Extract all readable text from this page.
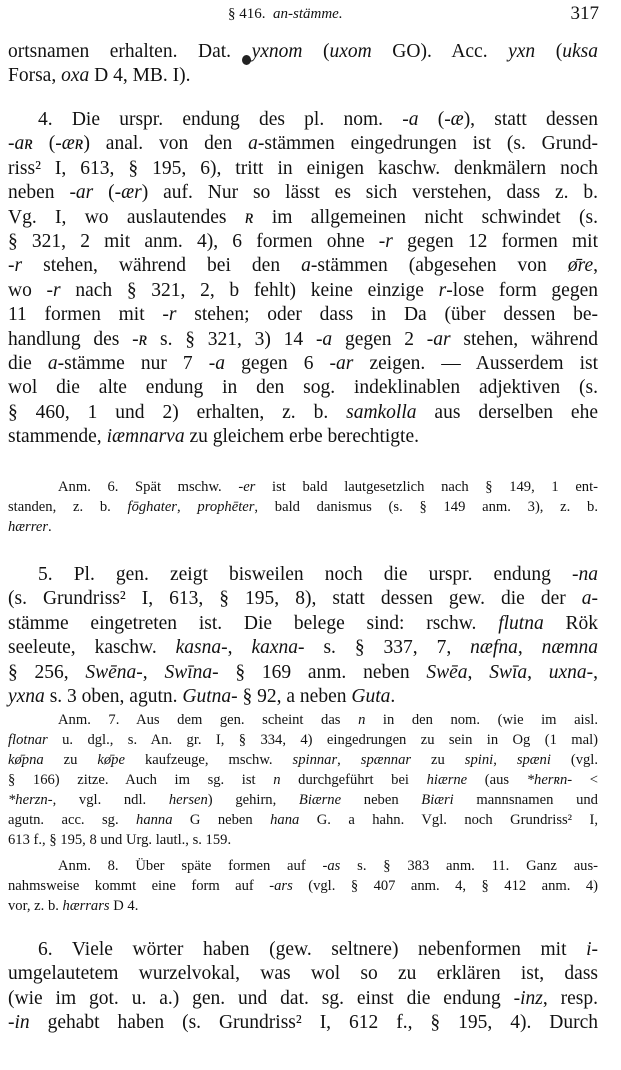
§ 416. an-stämme.	317
ortsnamen erhalten. Dat. yxnom (uxom GO). Acc. yxn (uksa
Forsa, oxa D 4, MB. I).
4. Die urspr. endung des pl. nom. -a (-æ), statt dessen
-aʀ (-æʀ) anal. von den a-stämmen eingedrungen ist (s. Grund-
riss² I, 613, § 195, 6), tritt in einigen kaschw. denkmälern noch
neben -ar (-ær) auf. Nur so lässt es sich verstehen, dass z. b.
Vg. I, wo auslautendes ʀ im allgemeinen nicht schwindet (s.
§ 321, 2 mit anm. 4), 6 formen ohne -r gegen 12 formen mit
-r stehen, während bei den a-stämmen (abgesehen von ø̄re,
wo -r nach § 321, 2, b fehlt) keine einzige r-lose form gegen
11 formen mit -r stehen; oder dass in Da (über dessen be-
handlung des -ʀ s. § 321, 3) 14 -a gegen 2 -ar stehen, während
die a-stämme nur 7 -a gegen 6 -ar zeigen. — Ausserdem ist
wol die alte endung in den sog. indeklinablen adjektiven (s.
§ 460, 1 und 2) erhalten, z. b. samkolla aus derselben ehe
stammende, iæmnarva zu gleichem erbe berechtigte.
Anm. 6. Spät mschw. -er ist bald lautgesetzlich nach § 149, 1 ent-
standen, z. b. fōghater, prophēter, bald danismus (s. § 149 anm. 3), z. b.
hærrer.
5. Pl. gen. zeigt bisweilen noch die urspr. endung -na
(s. Grundriss² I, 613, § 195, 8), statt dessen gew. die der a-
stämme eingetreten ist. Die belege sind: rschw. flutna Rök
seeleute, kaschw. kasna-, kaxna- s. § 337, 7, næfna, næmna
§ 256, Swēna-, Swīna- § 169 anm. neben Swēa, Swīa, uxna-,
yxna s. 3 oben, agutn. Gutna- § 92, a neben Guta.
Anm. 7. Aus dem gen. scheint das n in den nom. (wie im aisl.
flotnar u. dgl., s. An. gr. I, § 334, 4) eingedrungen zu sein in Og (1 mal)
kø̄pna zu kø̄pe kaufzeuge, mschw. spinnar, spænnar zu spini, spæni (vgl.
§ 166) zitze. Auch im sg. ist n durchgeführt bei hiærne (aus *herʀn- <
*herzn-, vgl. ndl. hersen) gehirn, Biærne neben Biæri mannsnamen und
agutn. acc. sg. hanna G neben hana G. a hahn. Vgl. noch Grundriss² I,
613 f., § 195, 8 und Urg. lautl., s. 159.
Anm. 8. Über späte formen auf -as s. § 383 anm. 11. Ganz aus-
nahmsweise kommt eine form auf -ars (vgl. § 407 anm. 4, § 412 anm. 4)
vor, z. b. hærrars D 4.
6. Viele wörter haben (gew. seltnere) nebenformen mit i-
umgelautetem wurzelvokal, was wol so zu erklären ist, dass
(wie im got. u. a.) gen. und dat. sg. einst die endung -inz, resp.
-in gehabt haben (s. Grundriss² I, 612 f., § 195, 4). Durch
